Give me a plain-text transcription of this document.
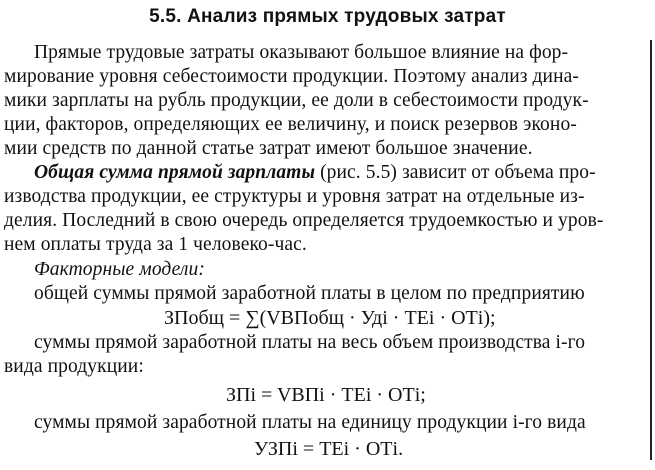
5.5. Анализ прямых трудовых затрат
Прямые трудовые затраты оказывают большое влияние на фор-
мирование уровня себестоимости продукции. Поэтому анализ дина-
мики зарплаты на рубль продукции, ее доли в себестоимости продук-
ции, факторов, определяющих ее величину, и поиск резервов эконо-
мии средств по данной статье затрат имеют большое значение.
Общая сумма прямой зарплаты (рис. 5.5) зависит от объема про-
изводства продукции, ее структуры и уровня затрат на отдельные из-
делия. Последний в свою очередь определяется трудоемкостью и уров-
нем оплаты труда за 1 человеко-час.
Факторные модели:
общей суммы прямой заработной платы в целом по предприятию
ЗПобщ = ∑(VВПобщ · Удi · ТЕi · ОТi);
суммы прямой заработной платы на весь объем производства i-го
вида продукции:
ЗПi = VВПi · ТЕi · ОТi;
суммы прямой заработной платы на единицу продукции i-го вида
УЗПi = ТЕi · ОТi.
